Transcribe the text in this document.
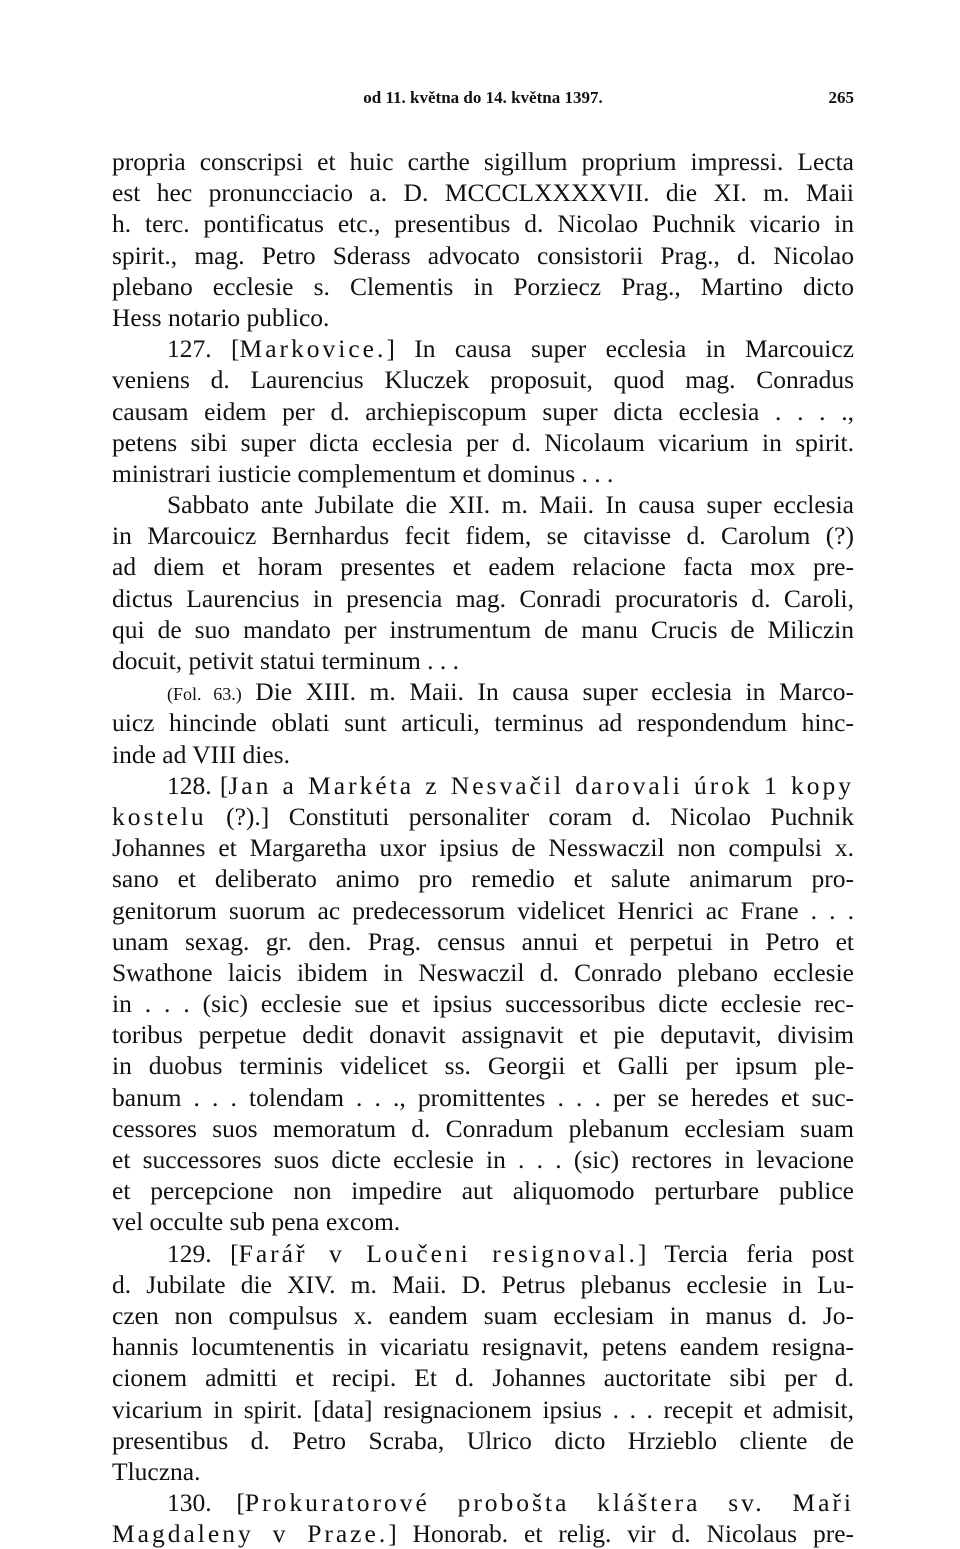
od 11. května do 14. května 1397.	265
propria conscripsi et huic carthe sigillum proprium impressi. Lecta
est hec pronuncciacio a. D. MCCCLXXXXVII. die XI. m. Maii
h. terc. pontificatus etc., presentibus d. Nicolao Puchnik vicario in
spirit., mag. Petro Sderass advocato consistorii Prag., d. Nicolao
plebano ecclesie s. Clementis in Porziecz Prag., Martino dicto
Hess notario publico.
127. [Markovice.] In causa super ecclesia in Marcouicz
veniens d. Laurencius Kluczek proposuit, quod mag. Conradus
causam eidem per d. archiepiscopum super dicta ecclesia . . . .,
petens sibi super dicta ecclesia per d. Nicolaum vicarium in spirit.
ministrari iusticie complementum et dominus . . .
Sabbato ante Jubilate die XII. m. Maii. In causa super ecclesia
in Marcouicz Bernhardus fecit fidem, se citavisse d. Carolum (?)
ad diem et horam presentes et eadem relacione facta mox pre-
dictus Laurencius in presencia mag. Conradi procuratoris d. Caroli,
qui de suo mandato per instrumentum de manu Crucis de Miliczin
docuit, petivit statui terminum . . .
(Fol. 63.) Die XIII. m. Maii. In causa super ecclesia in Marco-
uicz hincinde oblati sunt articuli, terminus ad respondendum hinc-
inde ad VIII dies.
128. [Jan a Markéta z Nesvačil darovali úrok 1 kopy
kostelu (?).] Constituti personaliter coram d. Nicolao Puchnik
Johannes et Margaretha uxor ipsius de Nesswaczil non compulsi x.
sano et deliberato animo pro remedio et salute animarum pro-
genitorum suorum ac predecessorum videlicet Henrici ac Frane . . .
unam sexag. gr. den. Prag. census annui et perpetui in Petro et
Swathone laicis ibidem in Neswaczil d. Conrado plebano ecclesie
in . . . (sic) ecclesie sue et ipsius successoribus dicte ecclesie rec-
toribus perpetue dedit donavit assignavit et pie deputavit, divisim
in duobus terminis videlicet ss. Georgii et Galli per ipsum ple-
banum . . . tolendam . . ., promittentes . . . per se heredes et suc-
cessores suos memoratum d. Conradum plebanum ecclesiam suam
et successores suos dicte ecclesie in . . . (sic) rectores in levacione
et percepcione non impedire aut aliquomodo perturbare publice
vel occulte sub pena excom.
129. [Farář v Loučeni resignoval.] Tercia feria post
d. Jubilate die XIV. m. Maii. D. Petrus plebanus ecclesie in Lu-
czen non compulsus x. eandem suam ecclesiam in manus d. Jo-
hannis locumtenentis in vicariatu resignavit, petens eandem resigna-
cionem admitti et recipi. Et d. Johannes auctoritate sibi per d.
vicarium in spirit. [data] resignacionem ipsius . . . recepit et admisit,
presentibus d. Petro Scraba, Ulrico dicto Hrzieblo cliente de
Tluczna.
130. [Prokuratorové probošta kláštera sv. Maři
Magdaleny v Praze.] Honorab. et relig. vir d. Nicolaus pre-
